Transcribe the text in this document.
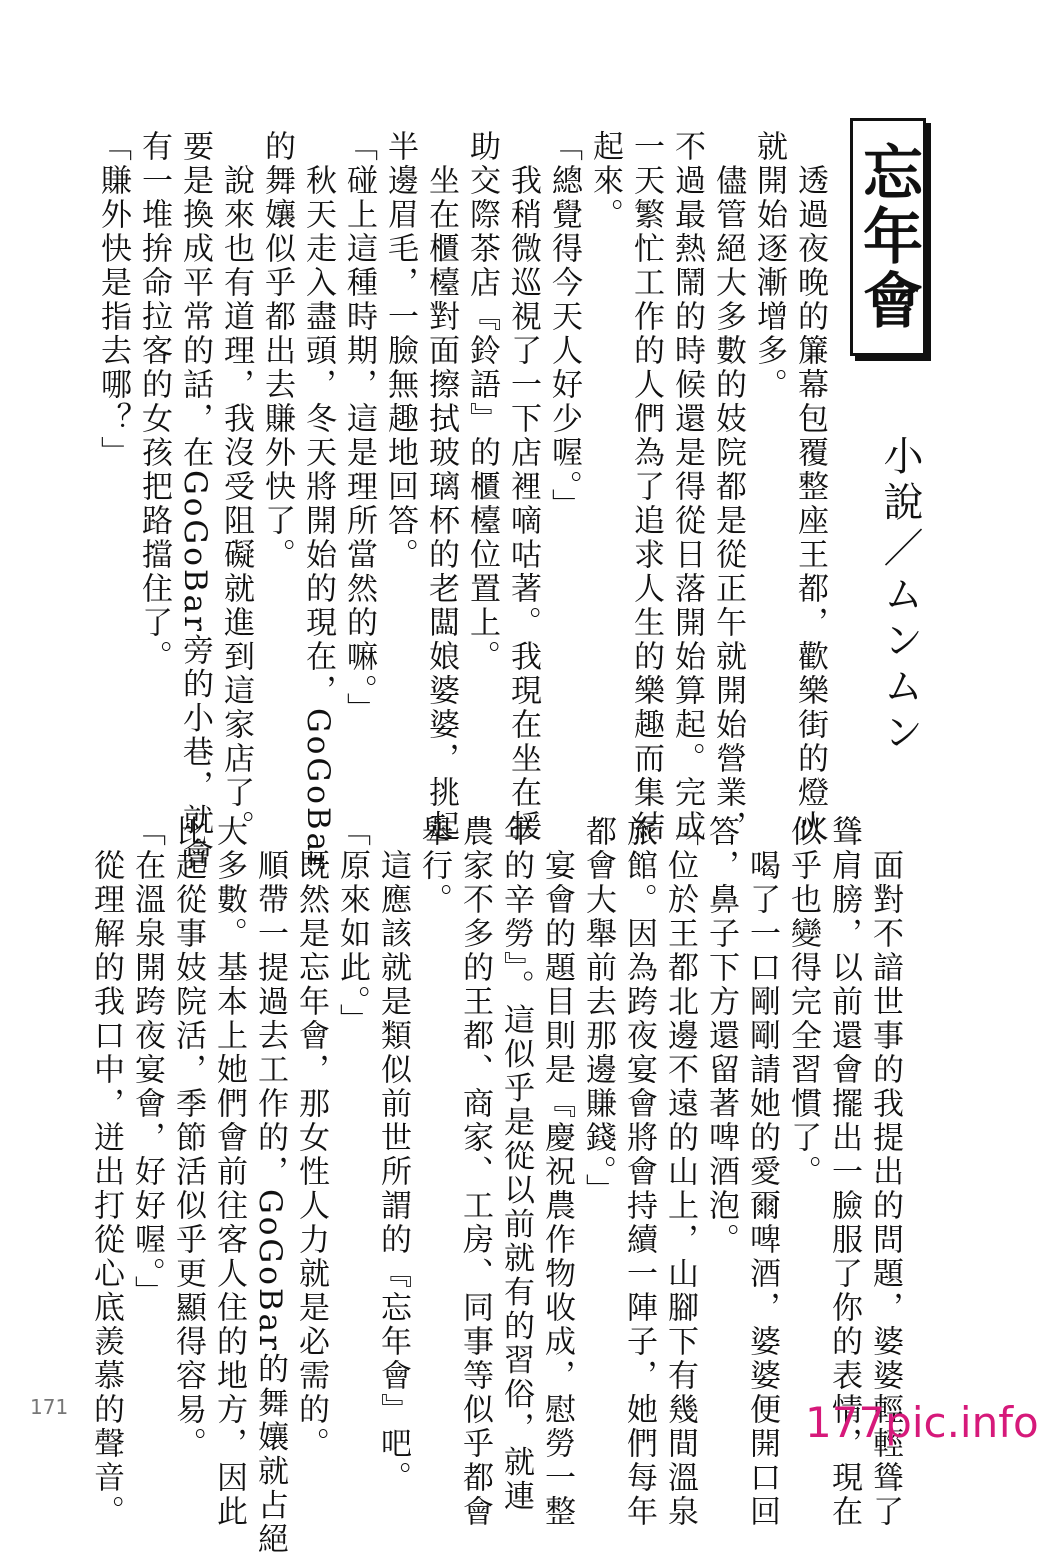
忘年會
小說／ムンムン

　透過夜晚的簾幕包覆整座王都，歡樂街的燈火

就開始逐漸增多。

　儘管絕大多數的妓院都是從正午就開始營業，

不過最熱鬧的時候還是得從日落開始算起。完成

一天繁忙工作的人們為了追求人生的樂趣而集結

起來。

「總覺得今天人好少喔。」

　我稍微巡視了一下店裡嘀咕著。我現在坐在援

助交際茶店『鈴語』的櫃檯位置上。

　坐在櫃檯對面擦拭玻璃杯的老闆娘婆婆，挑起

半邊眉毛，一臉無趣地回答。

「碰上這種時期，這是理所當然的嘛。」

　秋天走入盡頭，冬天將開始的現在，GoGoBar

的舞孃似乎都出去賺外快了。

　說來也有道理，我沒受阻礙就進到這家店了。

要是換成平常的話，在GoGoBar旁的小巷，就會

有一堆拚命拉客的女孩把路擋住了。

「賺外快是指去哪？」

　面對不諳世事的我提出的問題，婆婆輕輕聳了

聳肩膀，以前還會擺出一臉服了你的表情，現在

似乎也變得完全習慣了。

　喝了一口剛剛請她的愛爾啤酒，婆婆便開口回

答，鼻子下方還留著啤酒泡。

「位於王都北邊不遠的山上，山腳下有幾間溫泉

旅館。因為跨夜宴會將會持續一陣子，她們每年

都會大舉前去那邊賺錢。」

　宴會的題目則是『慶祝農作物收成，慰勞一整

年的辛勞』。這似乎是從以前就有的習俗，就連

農家不多的王都、商家、工房、同事等似乎都會

舉行。

　這應該就是類似前世所謂的『忘年會』吧。

「原來如此。」

　既然是忘年會，那女性人力就是必需的。

　順帶一提過去工作的，GoGoBar的舞孃就占絕

大多數。基本上她們會前往客人住的地方，因此

比起從事妓院活，季節活似乎更顯得容易。

「在溫泉開跨夜宴會，好好喔。」

　從理解的我口中，迸出打從心底羨慕的聲音。

171	177pic.info
